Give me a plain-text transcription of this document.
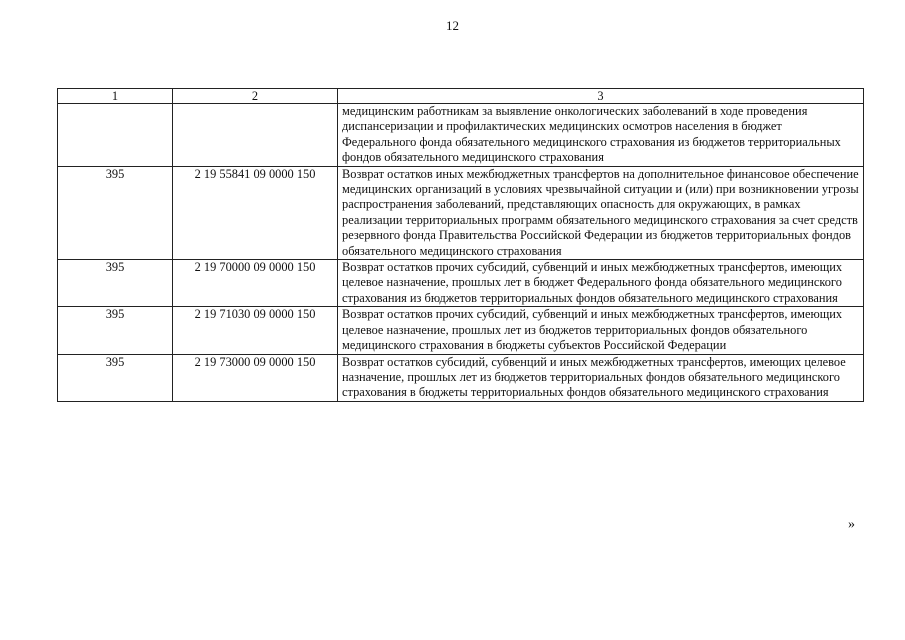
12
1	2	3
		медицинским работникам за выявление онкологических заболеваний в ходе проведения диспансеризации и профилактических медицинских осмотров населения в бюджет Федерального фонда обязательного медицинского страхования из бюджетов территориальных фондов обязательного медицинского страхования
395	2 19 55841 09 0000 150	Возврат остатков иных межбюджетных трансфертов на дополнительное финансовое обеспечение медицинских организаций в условиях чрезвычайной ситуации и (или) при возникновении угрозы распространения заболеваний, представляющих опасность для окружающих, в рамках реализации территориальных программ обязательного медицинского страхования за счет средств резервного фонда Правительства Российской Федерации из бюджетов территориальных фондов обязательного медицинского страхования
395	2 19 70000 09 0000 150	Возврат остатков прочих субсидий, субвенций и иных межбюджетных трансфертов, имеющих целевое назначение, прошлых лет в бюджет Федерального фонда обязательного медицинского страхования из бюджетов территориальных фондов обязательного медицинского страхования
395	2 19 71030 09 0000 150	Возврат остатков прочих субсидий, субвенций и иных межбюджетных трансфертов, имеющих целевое назначение, прошлых лет из бюджетов территориальных фондов обязательного медицинского страхования в бюджеты субъектов Российской Федерации
395	2 19 73000 09 0000 150	Возврат остатков субсидий, субвенций и иных межбюджетных трансфертов, имеющих целевое назначение, прошлых лет из бюджетов территориальных фондов обязательного медицинского страхования в бюджеты территориальных фондов обязательного медицинского страхования
»
